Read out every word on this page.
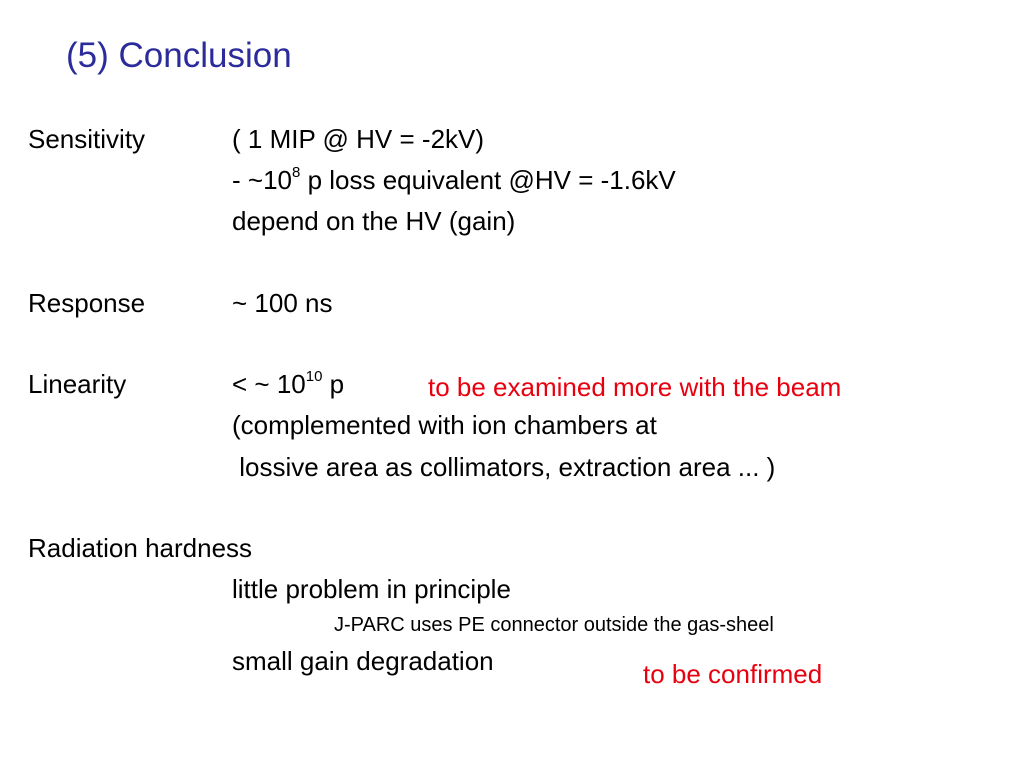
(5) Conclusion
Sensitivity	( 1 MIP @ HV = -2kV)
- $\sim 10^8$ p loss equivalent @HV = -1.6kV
depend on the HV (gain)
Response	~ 100 ns
Linearity	< ~ $10^{10}$ p	to be examined more with the beam
(complemented with ion chambers at
lossive area as collimators, extraction area ... )
Radiation hardness
little problem in principle
J-PARC uses PE connector outside the gas-sheel
small gain degradation	to be confirmed
